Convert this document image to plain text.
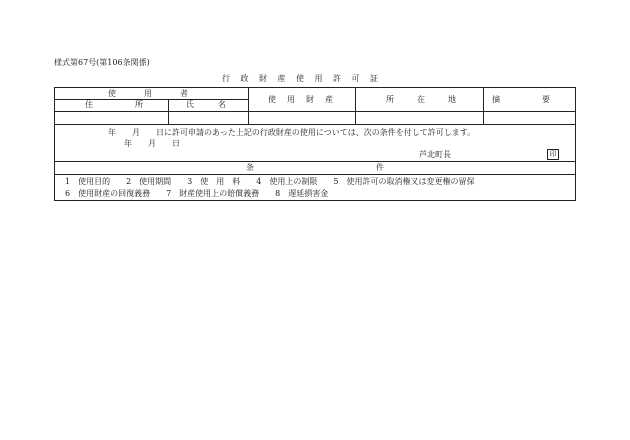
様式第67号(第106条関係)
行政財産使用許可証
使用者
住所 氏名
使用財産	所在地 摘要
年　　月　　日に許可申請のあった上記の行政財産の使用については、次の条件を付して許可します。
年　　月　　日
芦北町長	印
条件
1　使用目的　　2　使用期間　　3　使　用　料　　4　使用上の制限　　5　使用許可の取消権又は変更権の留保
6　使用財産の回復義務　　7　財産使用上の賠償義務　　8　遅延損害金
